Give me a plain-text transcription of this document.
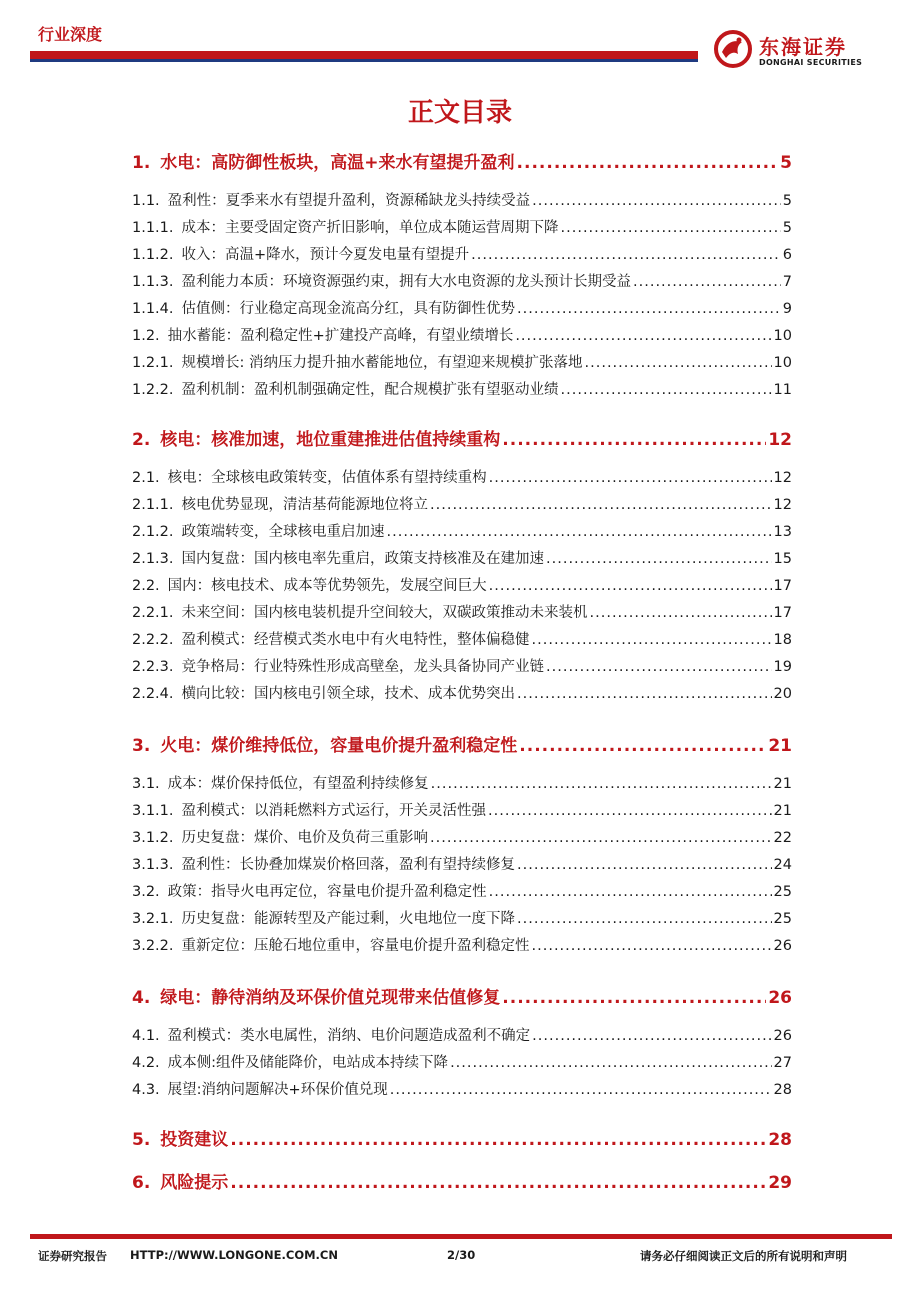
行业深度
东海证券
DONGHAI SECURITIES
正文目录
1. 水电：高防御性板块，高温+来水有望提升盈利 .....	5
1.1. 盈利性：夏季来水有望提升盈利，资源稀缺龙头持续受益 .....	5
1.1.1. 成本：主要受固定资产折旧影响，单位成本随运营周期下降 .....	5
1.1.2. 收入：高温+降水，预计今夏发电量有望提升 .....	6
1.1.3. 盈利能力本质：环境资源强约束，拥有大水电资源的龙头预计长期受益 .....	7
1.1.4. 估值侧：行业稳定高现金流高分红，具有防御性优势 .....	9
1.2. 抽水蓄能：盈利稳定性+扩建投产高峰，有望业绩增长 .....	10
1.2.1. 规模增长: 消纳压力提升抽水蓄能地位，有望迎来规模扩张落地 .....	10
1.2.2. 盈利机制：盈利机制强确定性，配合规模扩张有望驱动业绩 .....	11
2. 核电：核准加速，地位重建推进估值持续重构 .....	12
2.1. 核电：全球核电政策转变，估值体系有望持续重构 .....	12
2.1.1. 核电优势显现，清洁基荷能源地位将立 .....	12
2.1.2. 政策端转变，全球核电重启加速 .....	13
2.1.3. 国内复盘：国内核电率先重启，政策支持核准及在建加速 .....	15
2.2. 国内：核电技术、成本等优势领先，发展空间巨大 .....	17
2.2.1. 未来空间：国内核电装机提升空间较大，双碳政策推动未来装机 .....	17
2.2.2. 盈利模式：经营模式类水电中有火电特性，整体偏稳健 .....	18
2.2.3. 竞争格局：行业特殊性形成高壁垒，龙头具备协同产业链 .....	19
2.2.4. 横向比较：国内核电引领全球，技术、成本优势突出 .....	20
3. 火电：煤价维持低位，容量电价提升盈利稳定性 .....	21
3.1. 成本：煤价保持低位，有望盈利持续修复 .....	21
3.1.1. 盈利模式：以消耗燃料方式运行，开关灵活性强 .....	21
3.1.2. 历史复盘：煤价、电价及负荷三重影响 .....	22
3.1.3. 盈利性：长协叠加煤炭价格回落，盈利有望持续修复 .....	24
3.2. 政策：指导火电再定位，容量电价提升盈利稳定性 .....	25
3.2.1. 历史复盘：能源转型及产能过剩，火电地位一度下降 .....	25
3.2.2. 重新定位：压舱石地位重申，容量电价提升盈利稳定性 .....	26
4. 绿电：静待消纳及环保价值兑现带来估值修复 .....	26
4.1. 盈利模式：类水电属性，消纳、电价问题造成盈利不确定 .....	26
4.2. 成本侧:组件及储能降价，电站成本持续下降 .....	27
4.3. 展望:消纳问题解决+环保价值兑现 .....	28
5. 投资建议 .....	28
6. 风险提示 .....	29
证券研究报告 HTTP://WWW.LONGONE.COM.CN	2/30	请务必仔细阅读正文后的所有说明和声明
